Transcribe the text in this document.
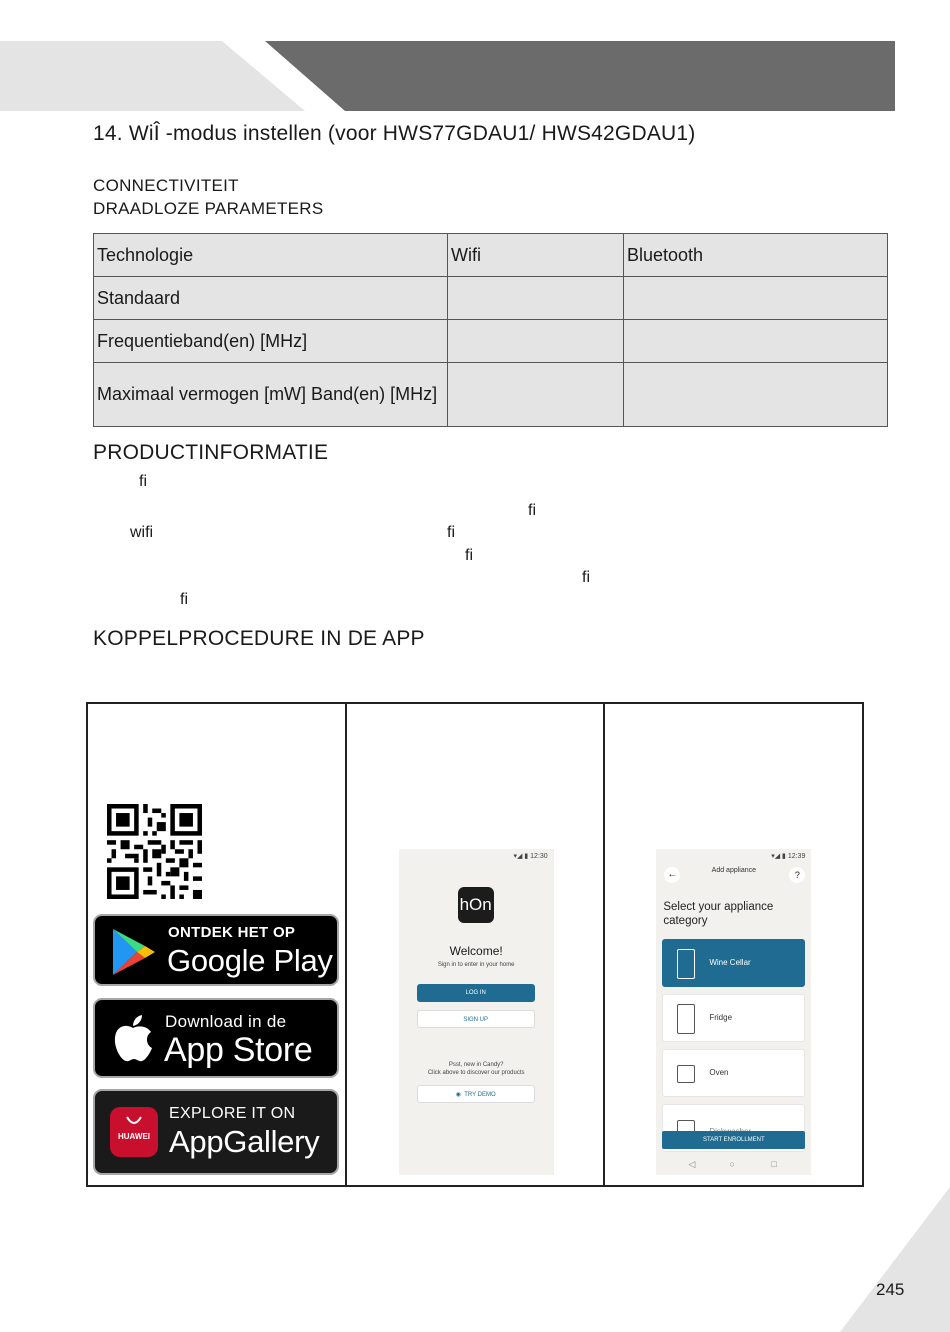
14. WiÎ -modus instellen (voor HWS77GDAU1/ HWS42GDAU1)
CONNECTIVITEIT
DRAADLOZE PARAMETERS
Technologie	Wifi	Bluetooth
Standaard		
Frequentieband(en) [MHz]		
Maximaal vermogen [mW] Band(en) [MHz]		
PRODUCTINFORMATIE
fi
fi
wifi	fi
fi
fi
fi
KOPPELPROCEDURE IN DE APP
ONTDEK HET OP
Google Play
Download in de
App Store
HUAWEI
EXPLORE IT ON
AppGallery
▾◢ ▮ 12:30
hOn
Welcome!
Sign in to enter in your home
LOG IN
SIGN UP
Psst, new in Candy?
Click above to discover our products
◉  TRY DEMO
▾◢ ▮ 12:39
←	Add appliance	?
Select your appliance
category
Wine Cellar
Fridge
Oven
START ENROLLMENT
◁	○	□
245
